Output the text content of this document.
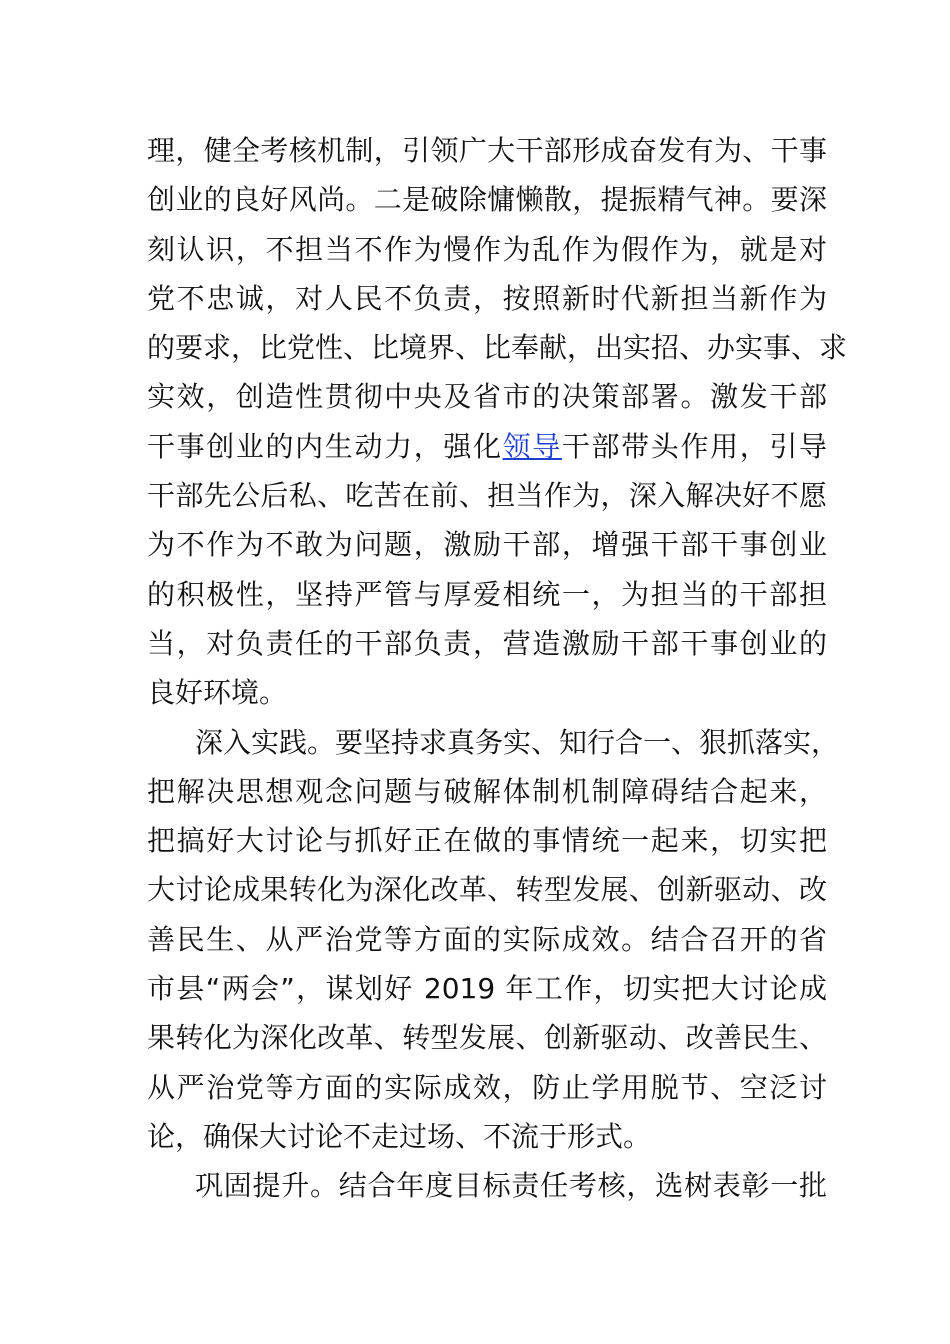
理，健全考核机制，引领广大干部形成奋发有为、干事
创业的良好风尚。二是破除慵懒散，提振精气神。要深
刻认识，不担当不作为慢作为乱作为假作为，就是对
党不忠诚，对人民不负责，按照新时代新担当新作为
的要求，比党性、比境界、比奉献，出实招、办实事、求
实效，创造性贯彻中央及省市的决策部署。激发干部
干事创业的内生动力，强化领导干部带头作用，引导
干部先公后私、吃苦在前、担当作为，深入解决好不愿
为不作为不敢为问题，激励干部，增强干部干事创业
的积极性，坚持严管与厚爱相统一，为担当的干部担
当，对负责任的干部负责，营造激励干部干事创业的
良好环境。
深入实践。要坚持求真务实、知行合一、狠抓落实，
把解决思想观念问题与破解体制机制障碍结合起来，
把搞好大讨论与抓好正在做的事情统一起来，切实把
大讨论成果转化为深化改革、转型发展、创新驱动、改
善民生、从严治党等方面的实际成效。结合召开的省
市县“两会”，谋划好 2019 年工作，切实把大讨论成
果转化为深化改革、转型发展、创新驱动、改善民生、
从严治党等方面的实际成效，防止学用脱节、空泛讨
论，确保大讨论不走过场、不流于形式。
巩固提升。结合年度目标责任考核，选树表彰一批
